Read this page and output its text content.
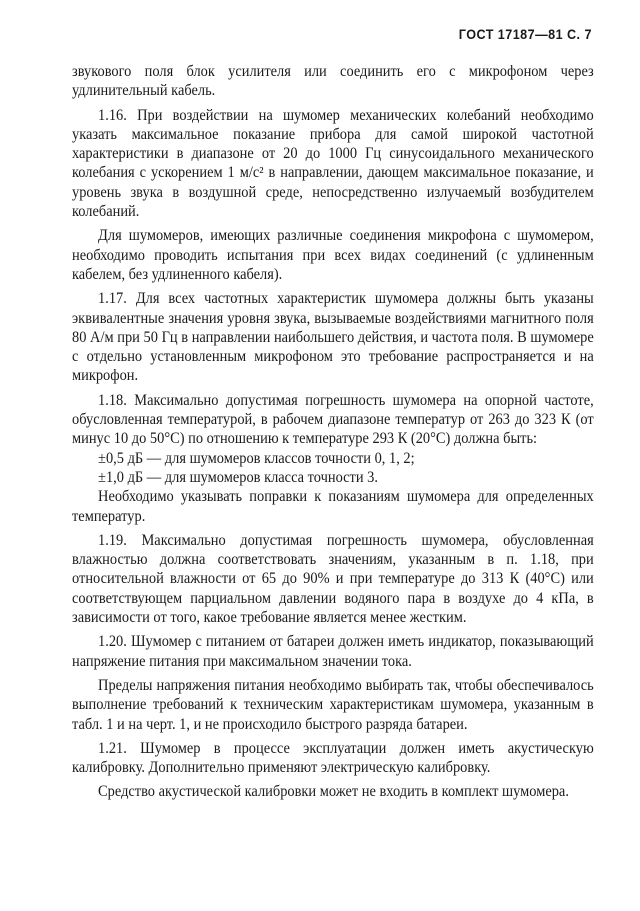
ГОСТ 17187—81 С. 7

звукового поля блок усилителя или соединить его с микрофоном через удлинительный кабель.

1.16. При воздействии на шумомер механических колебаний необходимо указать максимальное показание прибора для самой широкой частотной характеристики в диапазоне от 20 до 1000 Гц синусоидального механического колебания с ускорением 1 м/с² в направлении, дающем максимальное показание, и уровень звука в воздушной среде, непосредственно излучаемый возбудителем колебаний.

Для шумомеров, имеющих различные соединения микрофона с шумомером, необходимо проводить испытания при всех видах соединений (с удлиненным кабелем, без удлиненного кабеля).

1.17. Для всех частотных характеристик шумомера должны быть указаны эквивалентные значения уровня звука, вызываемые воздействиями магнитного поля 80 А/м при 50 Гц в направлении наибольшего действия, и частота поля. В шумомере с отдельно установленным микрофоном это требование распространяется и на микрофон.

1.18. Максимально допустимая погрешность шумомера на опорной частоте, обусловленная температурой, в рабочем диапазоне температур от 263 до 323 К (от минус 10 до 50°С) по отношению к температуре 293 К (20°С) должна быть:

±0,5 дБ — для шумомеров классов точности 0, 1, 2;

±1,0 дБ — для шумомеров класса точности 3.

Необходимо указывать поправки к показаниям шумомера для определенных температур.

1.19. Максимально допустимая погрешность шумомера, обусловленная влажностью должна соответствовать значениям, указанным в п. 1.18, при относительной влажности от 65 до 90% и при температуре до 313 К (40°С) или соответствующем парциальном давлении водяного пара в воздухе до 4 кПа, в зависимости от того, какое требование является менее жестким.

1.20. Шумомер с питанием от батареи должен иметь индикатор, показывающий напряжение питания при максимальном значении тока.

Пределы напряжения питания необходимо выбирать так, чтобы обеспечивалось выполнение требований к техническим характеристикам шумомера, указанным в табл. 1 и на черт. 1, и не происходило быстрого разряда батареи.

1.21. Шумомер в процессе эксплуатации должен иметь акустическую калибровку. Дополнительно применяют электрическую калибровку.

Средство акустической калибровки может не входить в комплект шумомера.
